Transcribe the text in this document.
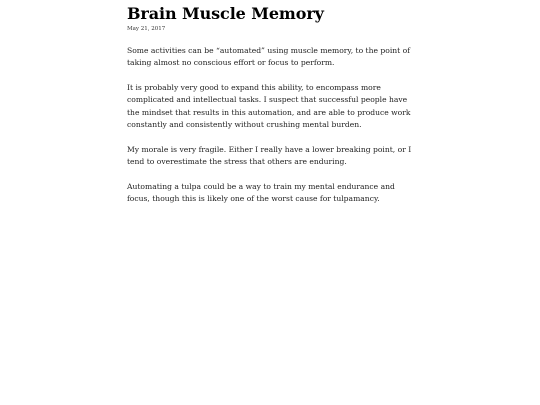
Brain Muscle Memory
May 21, 2017

Some activities can be “automated” using muscle memory, to the point of taking almost no conscious effort or focus to perform.

It is probably very good to expand this ability, to encompass more complicated and intellectual tasks. I suspect that successful people have the mindset that results in this automation, and are able to produce work constantly and consistently without crushing mental burden.

My morale is very fragile. Either I really have a lower breaking point, or I tend to overestimate the stress that others are enduring.

Automating a tulpa could be a way to train my mental endurance and focus, though this is likely one of the worst cause for tulpamancy.
